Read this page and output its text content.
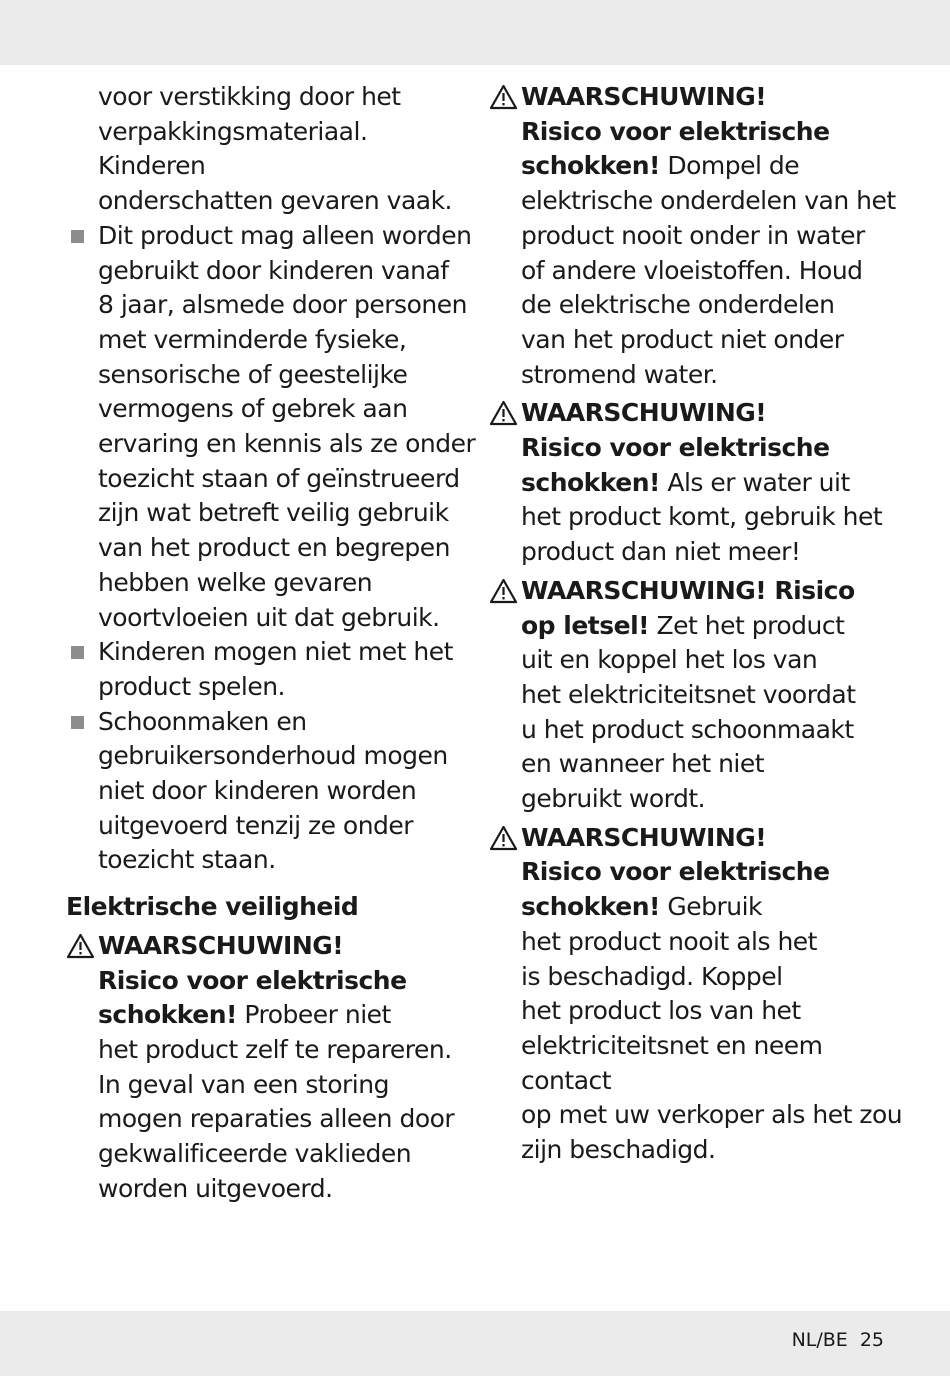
voor verstikking door het
verpakkingsmateriaal. Kinderen
onderschatten gevaren vaak.
Dit product mag alleen worden
gebruikt door kinderen vanaf
8 jaar, alsmede door personen
met verminderde fysieke,
sensorische of geestelijke
vermogens of gebrek aan
ervaring en kennis als ze onder
toezicht staan of geïnstrueerd
zijn wat betreft veilig gebruik
van het product en begrepen
hebben welke gevaren
voortvloeien uit dat gebruik.
Kinderen mogen niet met het
product spelen.
Schoonmaken en
gebruikersonderhoud mogen
niet door kinderen worden
uitgevoerd tenzij ze onder
toezicht staan.
Elektrische veiligheid
WAARSCHUWING!
Risico voor elektrische
schokken! Probeer niet
het product zelf te repareren.
In geval van een storing
mogen reparaties alleen door
gekwalificeerde vaklieden
worden uitgevoerd.
WAARSCHUWING!
Risico voor elektrische
schokken! Dompel de
elektrische onderdelen van het
product nooit onder in water
of andere vloeistoffen. Houd
de elektrische onderdelen
van het product niet onder
stromend water.
WAARSCHUWING!
Risico voor elektrische
schokken! Als er water uit
het product komt, gebruik het
product dan niet meer!
WAARSCHUWING! Risico
op letsel! Zet het product
uit en koppel het los van
het elektriciteitsnet voordat
u het product schoonmaakt
en wanneer het niet
gebruikt wordt.
WAARSCHUWING!
Risico voor elektrische
schokken! Gebruik
het product nooit als het
is beschadigd. Koppel
het product los van het
elektriciteitsnet en neem contact
op met uw verkoper als het zou
zijn beschadigd.
NL/BE 25
